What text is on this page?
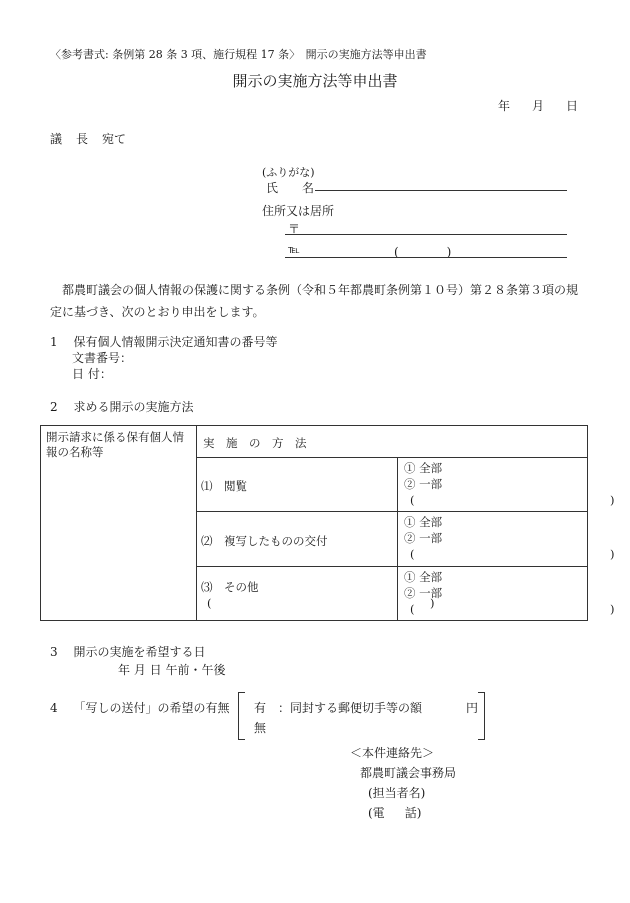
〈参考書式: 条例第 28 条 3 項、施行規程 17 条〉　開示の実施方法等申出書
開示の実施方法等申出書
年 月 日
議 長 宛て
(ふりがな)
氏　　名
住所又は居所
〒
℡	(　　　　)
都農町議会の個人情報の保護に関する条例（令和５年都農町条例第１０号）第２８条第３項の規定に基づき、次のとおり申出をします。
1　 保有個人情報開示決定通知書の番号等
文書番号：
日 付：
2　 求める開示の実施方法
開示請求に係る保有個人情報の名称等
実　施　の　方　法
⑴　閲覧
① 全部
② 一部
(　　　　　　　　　　　　　　　　　)
⑵　複写したものの交付
① 全部
② 一部
(　　　　　　　　　　　　　　　　　)
⑶　その他
(　　　　　　　　　　　　　　　　　　　)
① 全部
② 一部
(　　　　　　　　　　　　　　　　　)
3　 開示の実施を希望する日
年 月 日 午前・午後
4　 「写しの送付」の希望の有無 有　：同封する郵便切手等の額	円
無
＜本件連絡先＞
都農町議会事務局
(担当者名)
(電 話)
